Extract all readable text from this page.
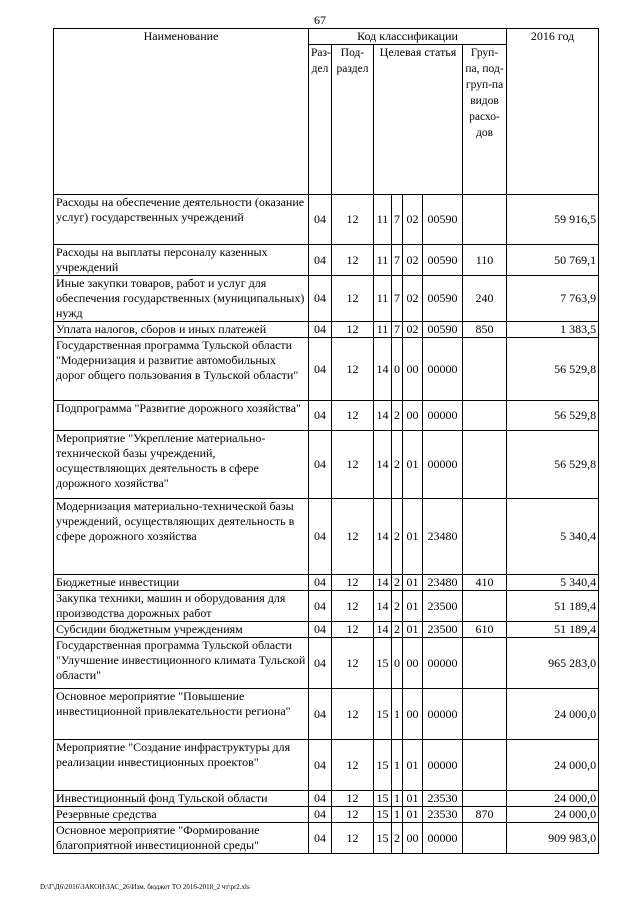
67
Наименование	Код классификации							2016 год
	Раз-дел	Под-раздел	Целевая статья				Груп-па, под-груп-па видов расхо-дов	
Расходы на обеспечение деятельности (оказание услуг) государственных учреждений	04	12	11	7	02	00590		59 916,5
Расходы на выплаты персоналу казенных учреждений	04	12	11	7	02	00590	110	50 769,1
Иные закупки товаров, работ и услуг для обеспечения государственных (муниципальных) нужд	04	12	11	7	02	00590	240	7 763,9
Уплата налогов, сборов и иных платежей	04	12	11	7	02	00590	850	1 383,5
Государственная программа Тульской области "Модернизация и развитие автомобильных дорог общего пользования в Тульской области"	04	12	14	0	00	00000		56 529,8
Подпрограмма "Развитие дорожного хозяйства"	04	12	14	2	00	00000		56 529,8
Мероприятие "Укрепление материально-технической базы учреждений, осуществляющих деятельность в сфере дорожного хозяйства"	04	12	14	2	01	00000		56 529,8
Модернизация материально-технической базы учреждений, осуществляющих деятельность в сфере дорожного хозяйства	04	12	14	2	01	23480		5 340,4
Бюджетные инвестиции	04	12	14	2	01	23480	410	5 340,4
Закупка техники, машин и оборудования для производства дорожных работ	04	12	14	2	01	23500		51 189,4
Субсидии бюджетным учреждениям	04	12	14	2	01	23500	610	51 189,4
Государственная программа Тульской области "Улучшение инвестиционного климата Тульской области"	04	12	15	0	00	00000		965 283,0
Основное мероприятие "Повышение инвестиционной привлекательности региона"	04	12	15	1	00	00000		24 000,0
Мероприятие "Создание инфраструктуры для реализации инвестиционных проектов"	04	12	15	1	01	00000		24 000,0
Инвестиционный фонд Тульской области	04	12	15	1	01	23530		24 000,0
Резервные средства	04	12	15	1	01	23530	870	24 000,0
Основное мероприятие "Формирование благоприятной инвестиционной среды"	04	12	15	2	00	00000		909 983,0
D:\Г\Д6\2016\ЗАКОН\ЗАС_26\Изм. бюджет ТО 2016-2018_2 чт\pr2.xls
